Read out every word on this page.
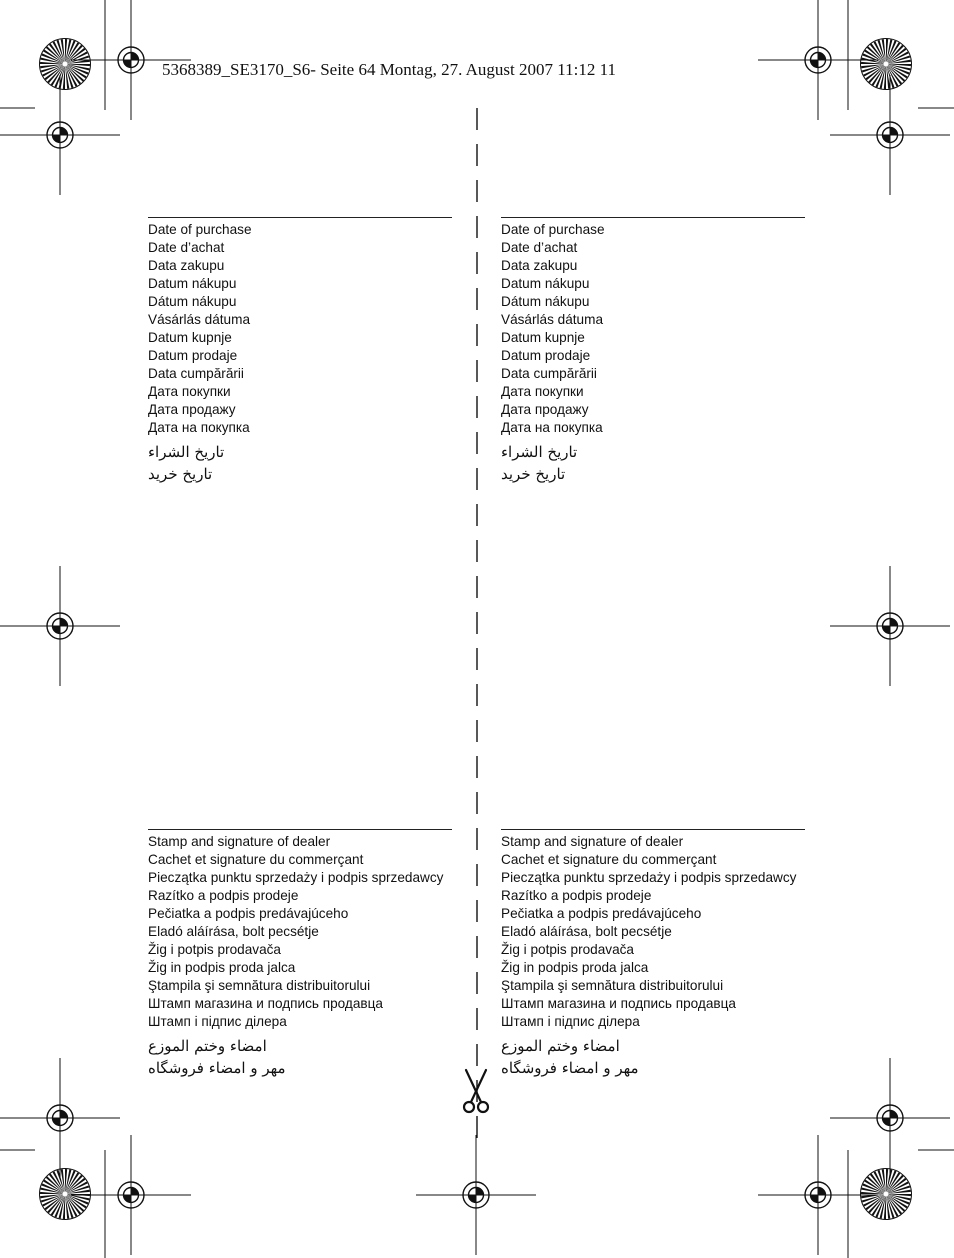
5368389_SE3170_S6- Seite 64 Montag, 27. August 2007 11:12 11
Date of purchase
Date d’achat
Data zakupu
Datum nákupu
Dátum nákupu
Vásárlás dátuma
Datum kupnje
Datum prodaje
Data cumpărării
Дата покупки
Дата продажу
Дата на покупка
تاريخ الشراء
تاريخ خريد
Date of purchase
Date d’achat
Data zakupu
Datum nákupu
Dátum nákupu
Vásárlás dátuma
Datum kupnje
Datum prodaje
Data cumpărării
Дата покупки
Дата продажу
Дата на покупка
تاريخ الشراء
تاريخ خريد
Stamp and signature of dealer
Cachet et signature du commerçant
Pieczątka punktu sprzedaży i podpis sprzedawcy
Razítko a podpis prodeje
Pečiatka a podpis predávajúceho
Eladó aláírása, bolt pecsétje
Žig i potpis prodavača
Žig in podpis proda jalca
Ştampila şi semnătura distribuitorului
Штамп магазина и подпись продавца
Штамп і підпис ділера
امضاء وختم الموزع
مهر و امضاء فروشگاه
Stamp and signature of dealer
Cachet et signature du commerçant
Pieczątka punktu sprzedaży i podpis sprzedawcy
Razítko a podpis prodeje
Pečiatka a podpis predávajúceho
Eladó aláírása, bolt pecsétje
Žig i potpis prodavača
Žig in podpis proda jalca
Ştampila şi semnătura distribuitorului
Штамп магазина и подпись продавца
Штамп і підпис ділера
امضاء وختم الموزع
مهر و امضاء فروشگاه
